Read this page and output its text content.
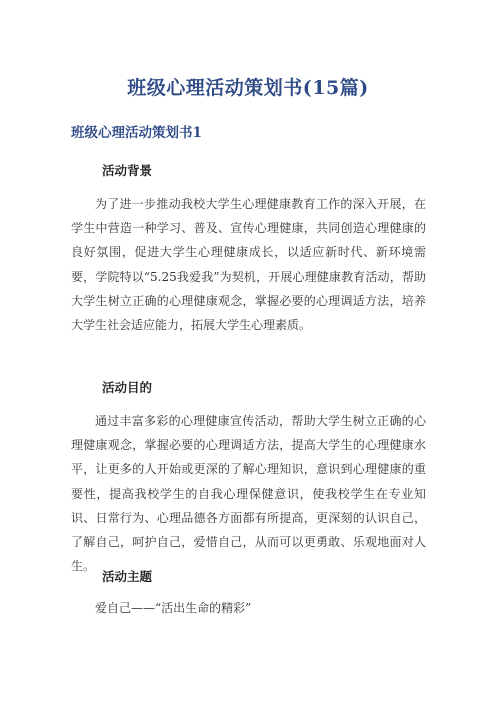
班级心理活动策划书(15篇)
班级心理活动策划书1
活动背景
为了进一步推动我校大学生心理健康教育工作的深入开展，在学生中营造一种学习、普及、宣传心理健康，共同创造心理健康的良好氛围，促进大学生心理健康成长，以适应新时代、新环境需要，学院特以“5.25我爱我”为契机，开展心理健康教育活动，帮助大学生树立正确的心理健康观念，掌握必要的心理调适方法，培养大学生社会适应能力，拓展大学生心理素质。
活动目的
通过丰富多彩的心理健康宣传活动，帮助大学生树立正确的心理健康观念，掌握必要的心理调适方法，提高大学生的心理健康水平，让更多的人开始或更深的了解心理知识，意识到心理健康的重要性，提高我校学生的自我心理保健意识，使我校学生在专业知识、日常行为、心理品德各方面都有所提高，更深刻的认识自己，了解自己，呵护自己，爱惜自己，从而可以更勇敢、乐观地面对人生。
活动主题
爱自己——“活出生命的精彩”
